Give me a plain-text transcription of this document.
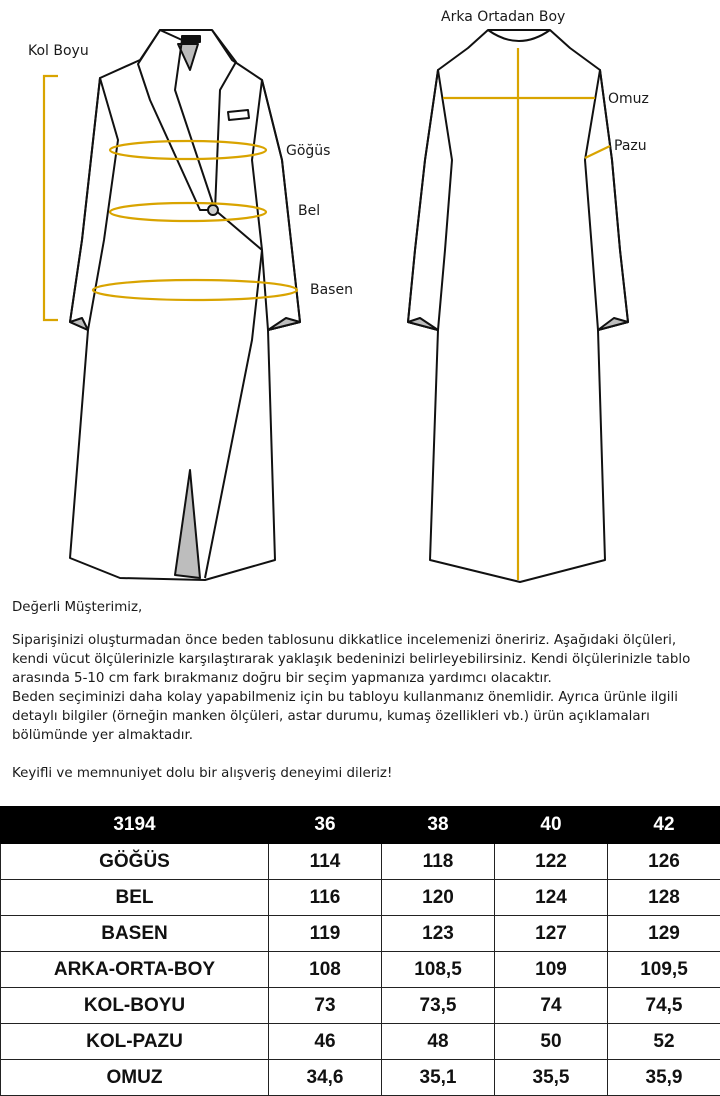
Kol Boyu
Göğüs
Bel
Basen
Arka Ortadan Boy
Omuz
Pazu

Değerli Müşterimiz,

Siparişinizi oluşturmadan önce beden tablosunu dikkatlice incelemenizi öneririz. Aşağıdaki ölçüleri, kendi vücut ölçülerinizle karşılaştırarak yaklaşık bedeninizi belirleyebilirsiniz. Kendi ölçülerinizle tablo arasında 5-10 cm fark bırakmanız doğru bir seçim yapmanıza yardımcı olacaktır.

Beden seçiminizi daha kolay yapabilmeniz için bu tabloyu kullanmanız önemlidir. Ayrıca ürünle ilgili detaylı bilgiler (örneğin manken ölçüleri, astar durumu, kumaş özellikleri vb.) ürün açıklamaları bölümünde yer almaktadır.

Keyifli ve memnuniyet dolu bir alışveriş deneyimi dileriz!

3194	36	38	40	42
GÖĞÜS	114	118	122	126
BEL	116	120	124	128
BASEN	119	123	127	129
ARKA-ORTA-BOY	108	108,5	109	109,5
KOL-BOYU	73	73,5	74	74,5
KOL-PAZU	46	48	50	52
OMUZ	34,6	35,1	35,5	35,9
